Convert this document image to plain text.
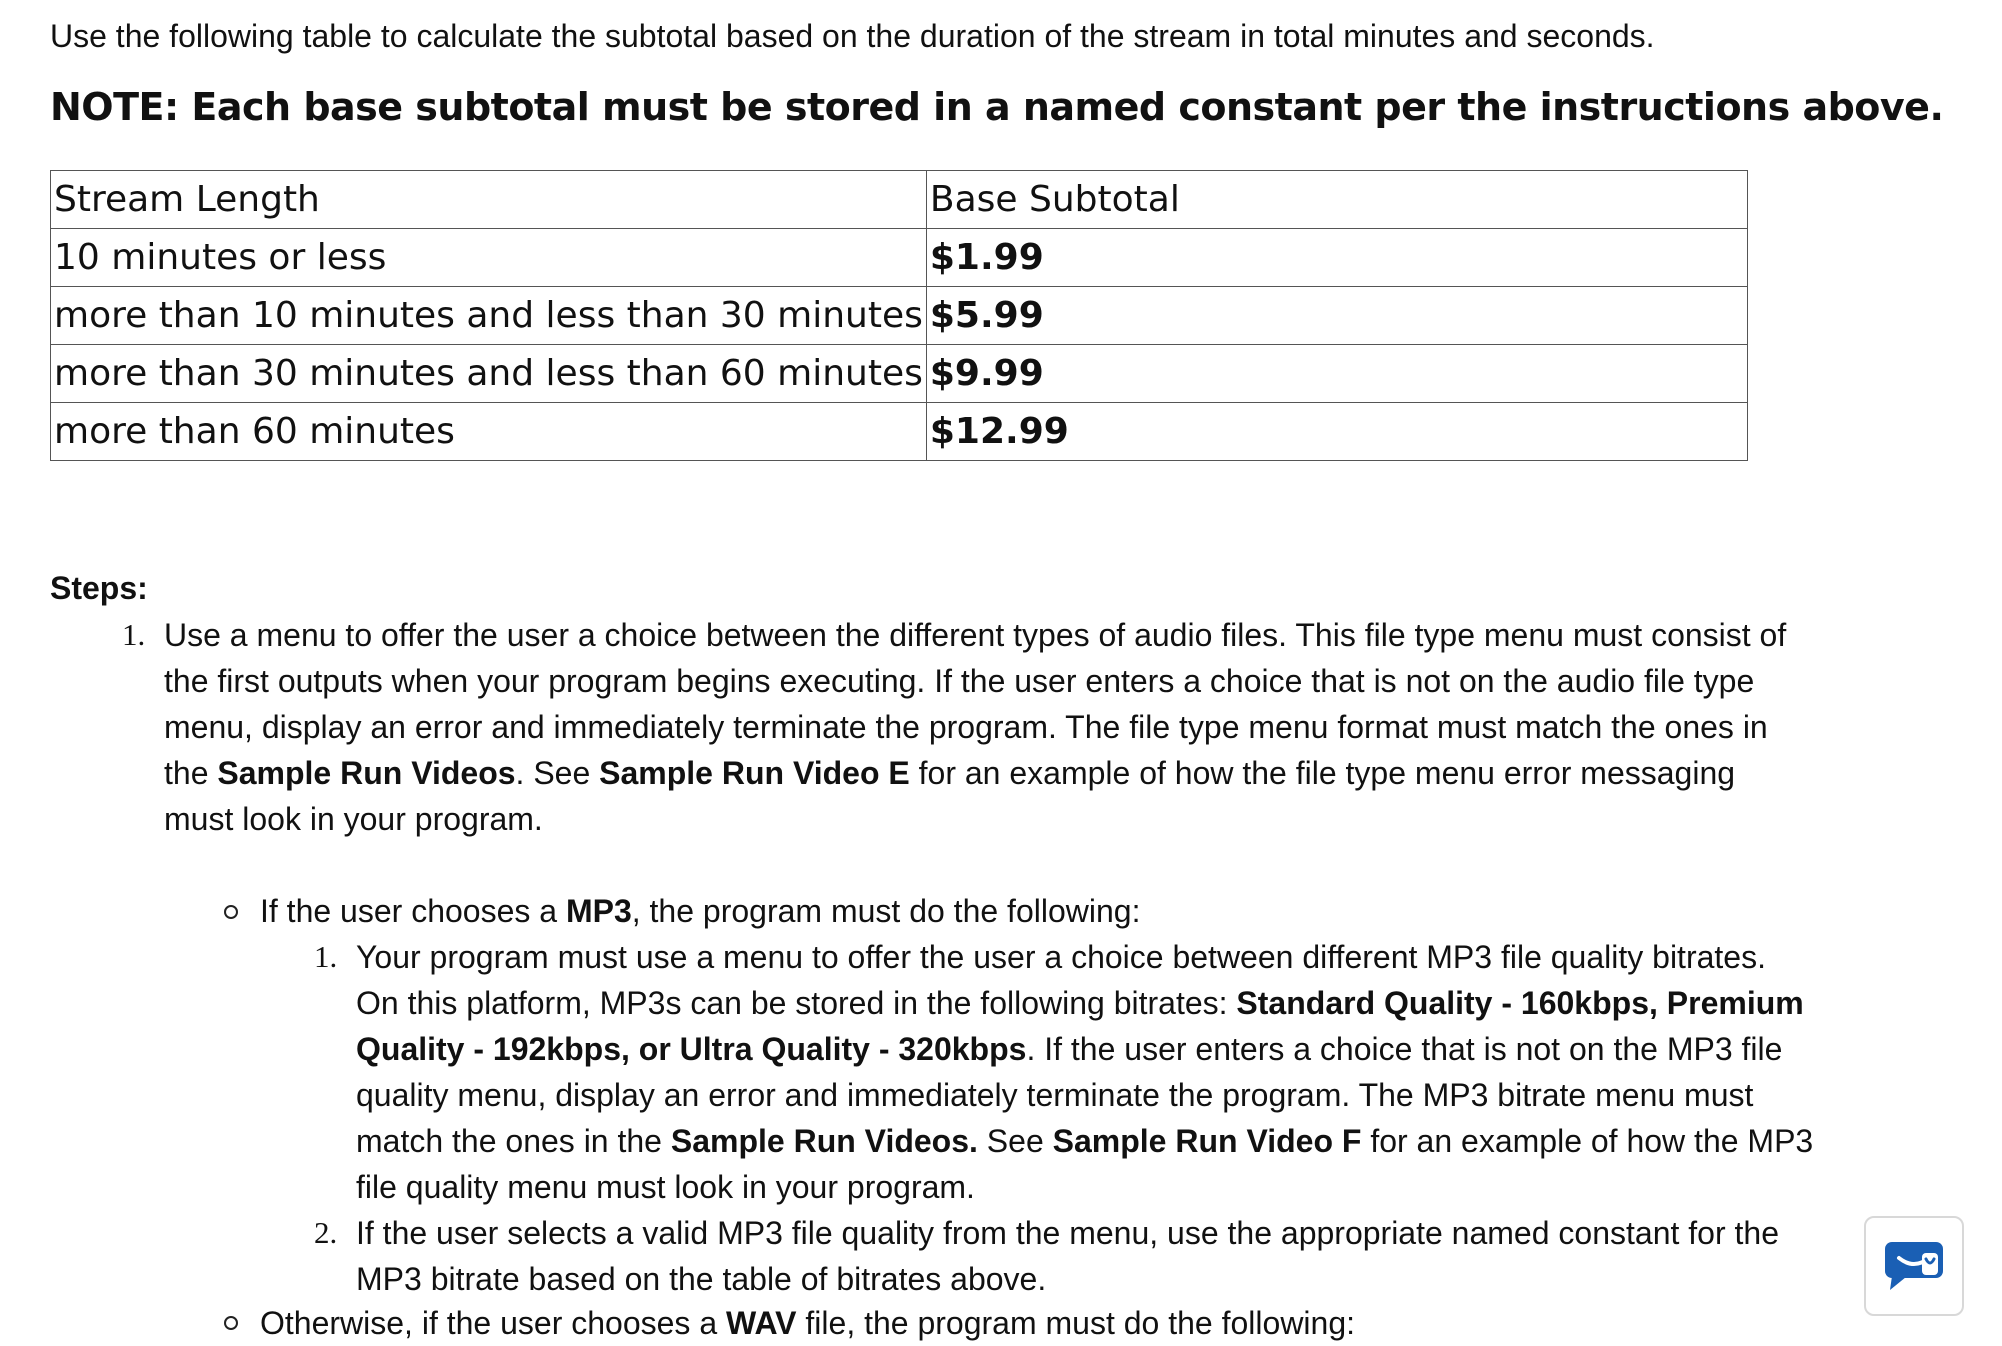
Use the following table to calculate the subtotal based on the duration of the stream in total minutes and seconds.
NOTE: Each base subtotal must be stored in a named constant per the instructions above.
Stream Length	Base Subtotal
10 minutes or less	$1.99
more than 10 minutes and less than 30 minutes	$5.99
more than 30 minutes and less than 60 minutes	$9.99
more than 60 minutes	$12.99
Steps:
1. Use a menu to offer the user a choice between the different types of audio files. This file type menu must consist of the first outputs when your program begins executing. If the user enters a choice that is not on the audio file type menu, display an error and immediately terminate the program. The file type menu format must match the ones in the Sample Run Videos. See Sample Run Video E for an example of how the file type menu error messaging must look in your program.
If the user chooses a MP3, the program must do the following:
1. Your program must use a menu to offer the user a choice between different MP3 file quality bitrates. On this platform, MP3s can be stored in the following bitrates: Standard Quality - 160kbps, Premium Quality - 192kbps, or Ultra Quality - 320kbps. If the user enters a choice that is not on the MP3 file quality menu, display an error and immediately terminate the program. The MP3 bitrate menu must match the ones in the Sample Run Videos. See Sample Run Video F for an example of how the MP3 file quality menu must look in your program.
2. If the user selects a valid MP3 file quality from the menu, use the appropriate named constant for the MP3 bitrate based on the table of bitrates above.
Otherwise, if the user chooses a WAV file, the program must do the following:
